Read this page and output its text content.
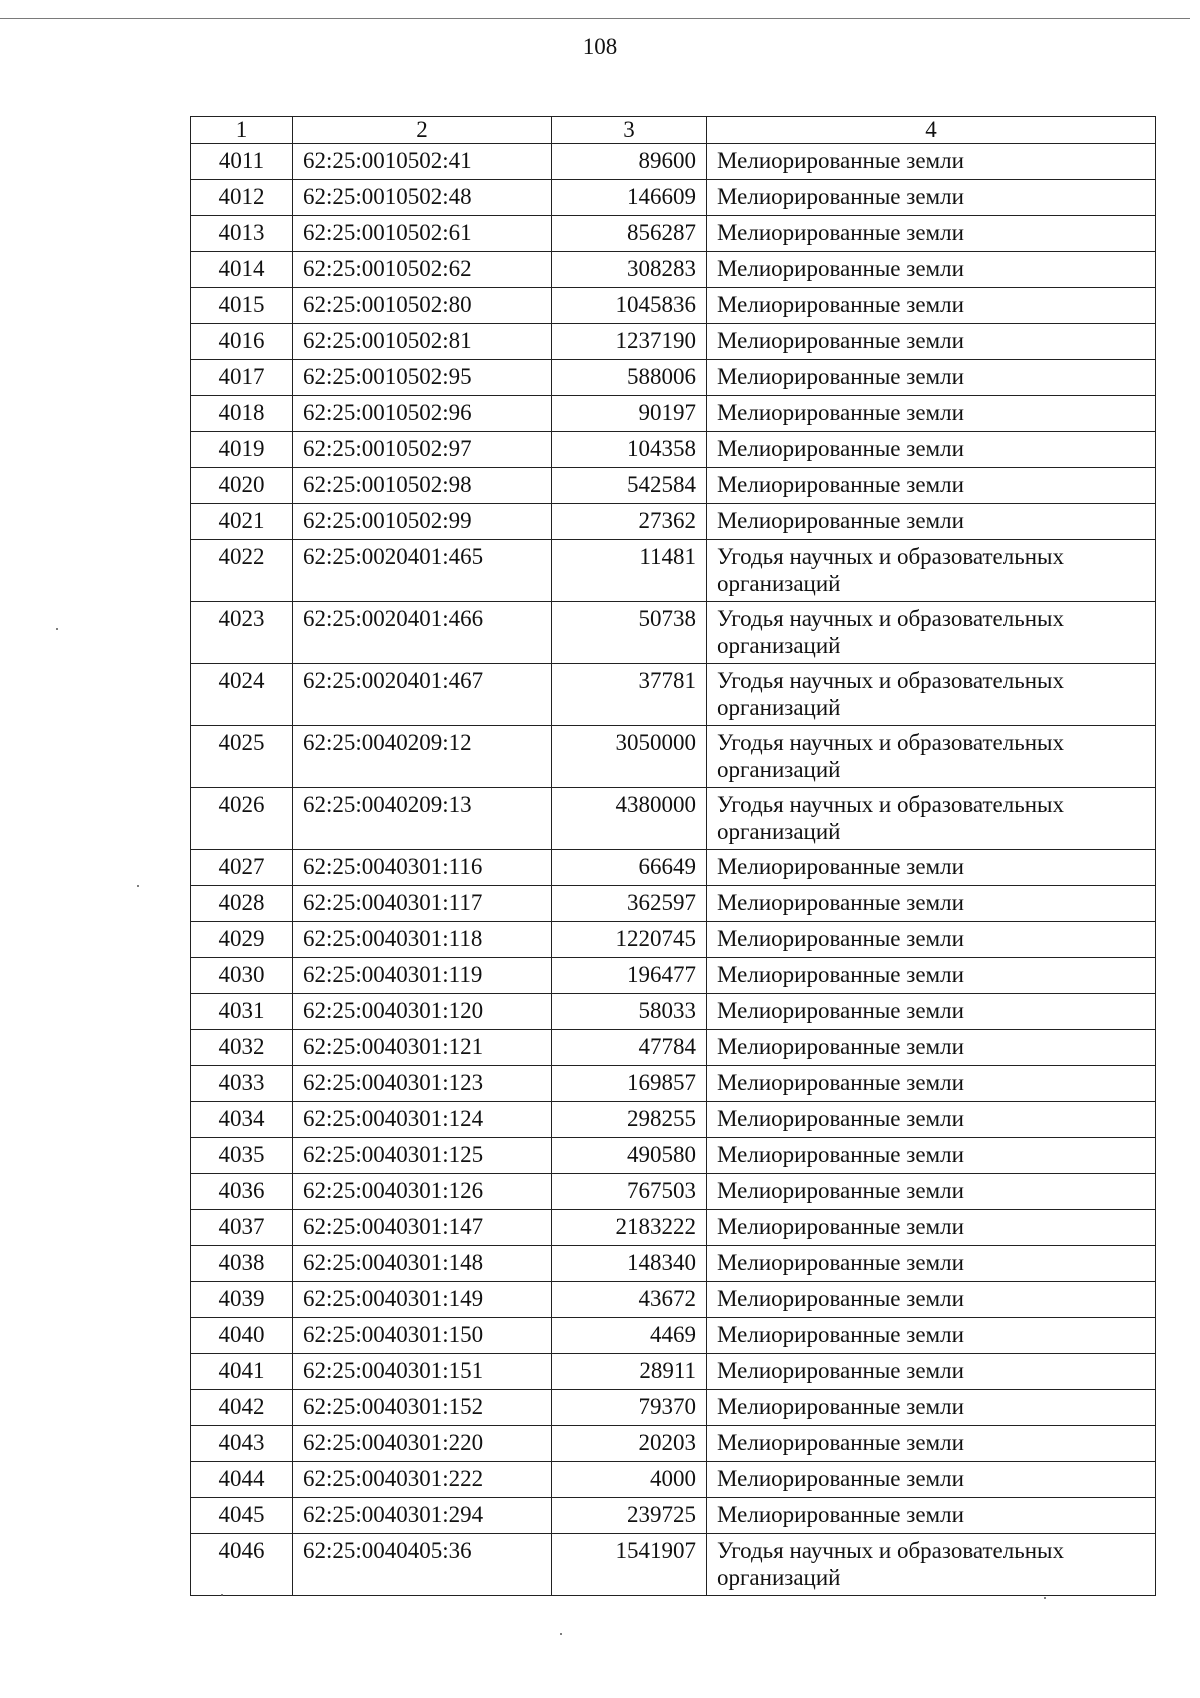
108
1	2	3	4
4011	62:25:0010502:41	89600	Мелиорированные земли
4012	62:25:0010502:48	146609	Мелиорированные земли
4013	62:25:0010502:61	856287	Мелиорированные земли
4014	62:25:0010502:62	308283	Мелиорированные земли
4015	62:25:0010502:80	1045836	Мелиорированные земли
4016	62:25:0010502:81	1237190	Мелиорированные земли
4017	62:25:0010502:95	588006	Мелиорированные земли
4018	62:25:0010502:96	90197	Мелиорированные земли
4019	62:25:0010502:97	104358	Мелиорированные земли
4020	62:25:0010502:98	542584	Мелиорированные земли
4021	62:25:0010502:99	27362	Мелиорированные земли
4022	62:25:0020401:465	11481	Угодья научных и образовательных организаций
4023	62:25:0020401:466	50738	Угодья научных и образовательных организаций
4024	62:25:0020401:467	37781	Угодья научных и образовательных организаций
4025	62:25:0040209:12	3050000	Угодья научных и образовательных организаций
4026	62:25:0040209:13	4380000	Угодья научных и образовательных организаций
4027	62:25:0040301:116	66649	Мелиорированные земли
4028	62:25:0040301:117	362597	Мелиорированные земли
4029	62:25:0040301:118	1220745	Мелиорированные земли
4030	62:25:0040301:119	196477	Мелиорированные земли
4031	62:25:0040301:120	58033	Мелиорированные земли
4032	62:25:0040301:121	47784	Мелиорированные земли
4033	62:25:0040301:123	169857	Мелиорированные земли
4034	62:25:0040301:124	298255	Мелиорированные земли
4035	62:25:0040301:125	490580	Мелиорированные земли
4036	62:25:0040301:126	767503	Мелиорированные земли
4037	62:25:0040301:147	2183222	Мелиорированные земли
4038	62:25:0040301:148	148340	Мелиорированные земли
4039	62:25:0040301:149	43672	Мелиорированные земли
4040	62:25:0040301:150	4469	Мелиорированные земли
4041	62:25:0040301:151	28911	Мелиорированные земли
4042	62:25:0040301:152	79370	Мелиорированные земли
4043	62:25:0040301:220	20203	Мелиорированные земли
4044	62:25:0040301:222	4000	Мелиорированные земли
4045	62:25:0040301:294	239725	Мелиорированные земли
4046	62:25:0040405:36	1541907	Угодья научных и образовательных организаций
